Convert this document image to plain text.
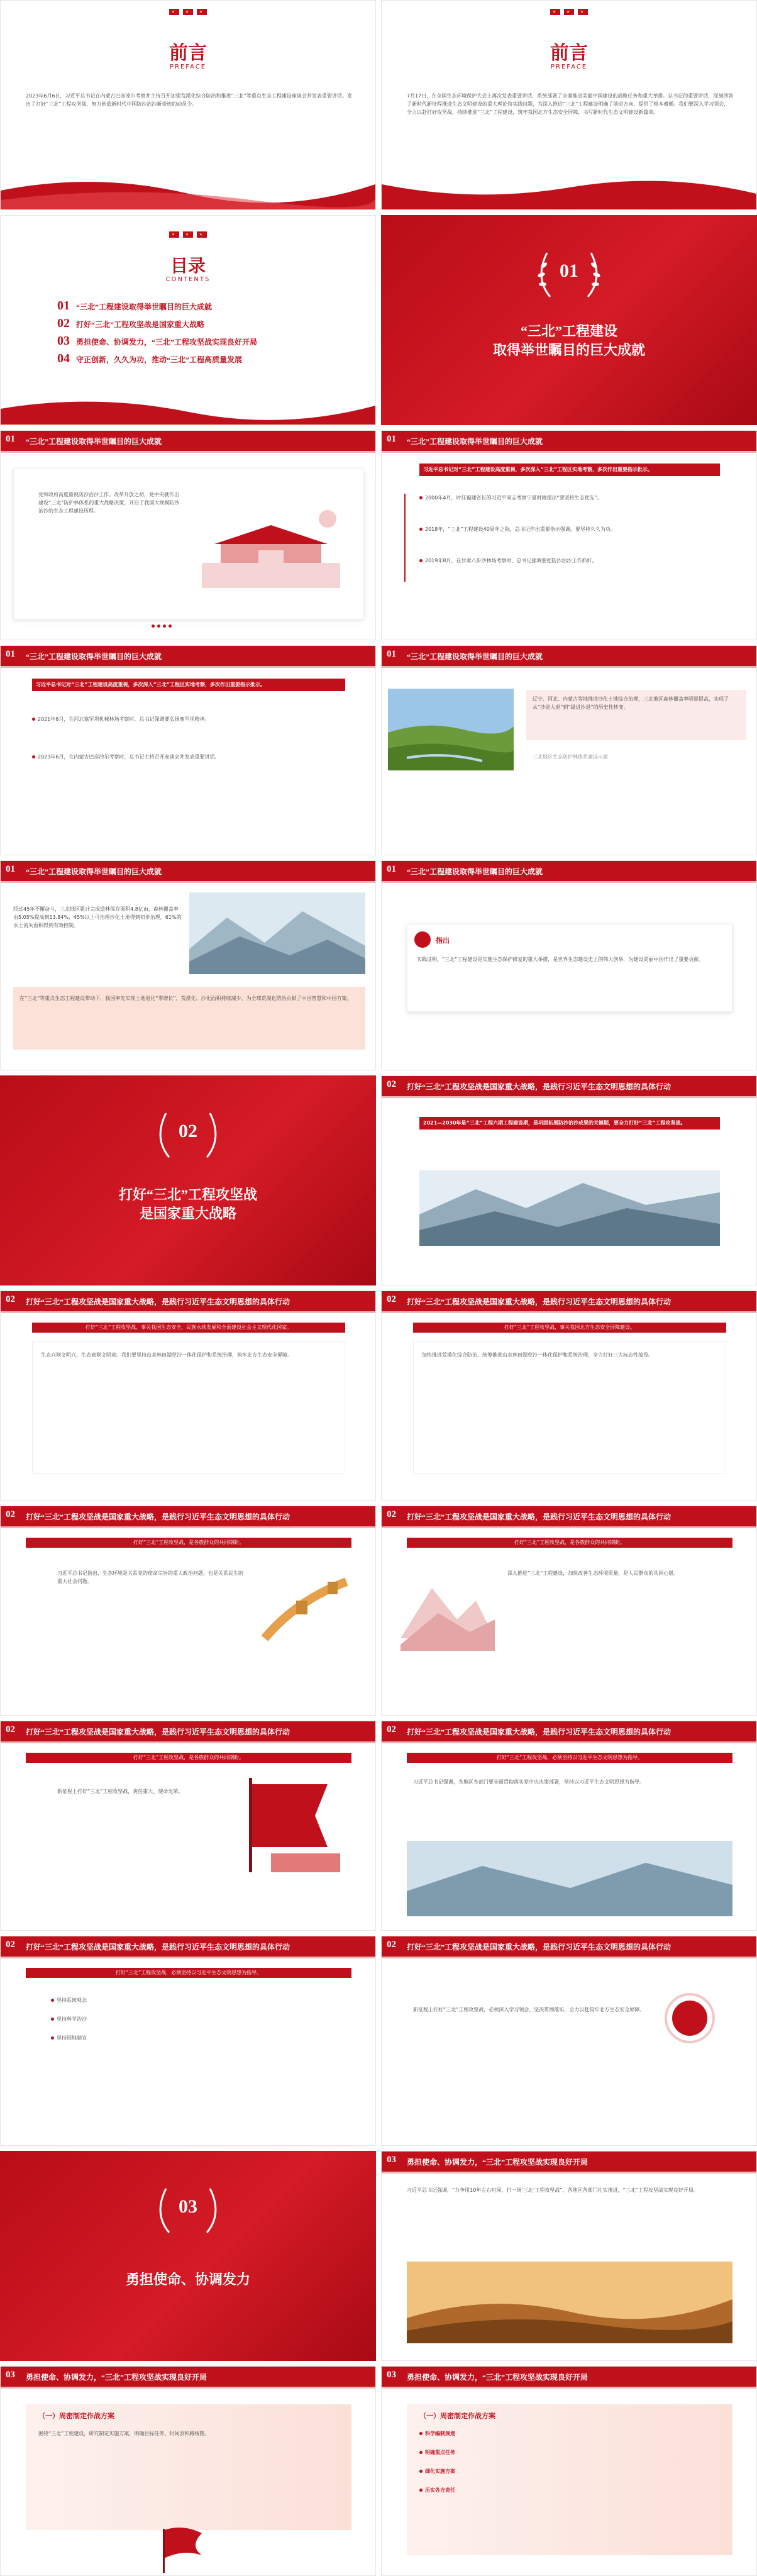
前言
PREFACE
2023年6月6日，习近平总书记在内蒙古巴彦淖尔考察并主持召开加强荒漠化综合防治和推进“三北”等重点生态工程建设座谈会并发表重要讲话。发出了打好“三北”工程攻坚战、努力创造新时代中国防沙治沙新奇迹的动员令。
前言
PREFACE
7月17日，在全国生态环境保护大会上再次发表重要讲话，系统部署了全面推进美丽中国建设的战略任务和重大举措。总书记的重要讲话，深刻回答了新时代新征程推进生态文明建设的重大理论和实践问题，为深入推进“三北”工程建设明确了前进方向、提供了根本遵循。我们要深入学习领会，全力以赴打好攻坚战，持续推进“三北”工程建设，筑牢我国北方生态安全屏障，书写新时代生态文明建设新篇章。
目录
CONTENTS
01 “三北”工程建设取得举世瞩目的巨大成就
02 打好“三北”工程攻坚战是国家重大战略
03 勇担使命、协调发力，“三北”工程攻坚战实现良好开局
04 守正创新，久久为功，推动“三北”工程高质量发展
01
“三北”工程建设
取得举世瞩目的巨大成就
01 “三北”工程建设取得举世瞩目的巨大成就
党和政府高度重视防沙治沙工作。改革开放之初，党中央就作出建设“三北”防护林体系的重大战略决策，开启了我国大规模防沙治沙的生态工程建设历程。
01 “三北”工程建设取得举世瞩目的巨大成就
习近平总书记对“三北”工程建设高度重视，多次深入“三北”工程区实地考察，多次作出重要指示批示。
2000年4月，时任福建省长的习近平同志考察宁夏时就提出“要坚持生态优先”。
2018年，“三北”工程建设40周年之际，总书记作出重要指示强调，要坚持久久为功。
2019年8月，在甘肃八步沙林场考察时，总书记强调要把防沙治沙工作抓好。
01 “三北”工程建设取得举世瞩目的巨大成就
习近平总书记对“三北”工程建设高度重视，多次深入“三北”工程区实地考察，多次作出重要指示批示。
2021年8月，在河北塞罕坝机械林场考察时，总书记强调要弘扬塞罕坝精神。
2023年6月，在内蒙古巴彦淖尔考察时，总书记主持召开座谈会并发表重要讲话。
01 “三北”工程建设取得举世瞩目的巨大成就
辽宁、河北、内蒙古等地推进沙化土地综合治理，三北地区森林覆盖率明显提高，实现了从“沙进人退”到“绿进沙退”的历史性转变。
三北地区生态防护林体系建设示意
01 “三北”工程建设取得举世瞩目的巨大成就
经过45年不懈奋斗，三北地区累计完成造林保存面积4.8亿亩，森林覆盖率由5.05%提高到13.84%，45%以上可治理沙化土地得到初步治理，61%的水土流失面积得到有效控制。
在“三北”等重点生态工程建设带动下，我国率先实现土地退化“零增长”，荒漠化、沙化面积持续减少，为全球荒漠化防治贡献了中国智慧和中国方案。
01 “三北”工程建设取得举世瞩目的巨大成就
指出
实践证明，“三北”工程建设是实施生态保护修复的重大举措，是世界生态建设史上的伟大创举，为建设美丽中国作出了重要贡献。
02
打好“三北”工程攻坚战
是国家重大战略
02 打好“三北”工程攻坚战是国家重大战略，是践行习近平生态文明思想的具体行动
2021—2030年是“三北”工程六期工程建设期，是巩固拓展防沙治沙成果的关键期，要全力打好“三北”工程攻坚战。
02 打好“三北”工程攻坚战是国家重大战略，是践行习近平生态文明思想的具体行动
打好“三北”工程攻坚战，事关我国生态安全、民族永续发展和全面建设社会主义现代化国家。
生态兴则文明兴，生态衰则文明衰。我们要坚持山水林田湖草沙一体化保护和系统治理，筑牢北方生态安全屏障。
02 打好“三北”工程攻坚战是国家重大战略，是践行习近平生态文明思想的具体行动
打好“三北”工程攻坚战，事关我国北方生态安全屏障建设。
加快推进荒漠化综合防治，统筹推进山水林田湖草沙一体化保护和系统治理，全力打好三大标志性战役。
02 打好“三北”工程攻坚战是国家重大战略，是践行习近平生态文明思想的具体行动
打好“三北”工程攻坚战，是各族群众的共同期盼。
习近平总书记指出，生态环境是关系党的使命宗旨的重大政治问题，也是关系民生的重大社会问题。
02 打好“三北”工程攻坚战是国家重大战略，是践行习近平生态文明思想的具体行动
打好“三北”工程攻坚战，是各族群众的共同期盼。
深入推进“三北”工程建设，加快改善生态环境质量，是人民群众的共同心愿。
02 打好“三北”工程攻坚战是国家重大战略，是践行习近平生态文明思想的具体行动
打好“三北”工程攻坚战，是各族群众的共同期盼。
新征程上打好“三北”工程攻坚战，责任重大、使命光荣。
02 打好“三北”工程攻坚战是国家重大战略，是践行习近平生态文明思想的具体行动
打好“三北”工程攻坚战，必须坚持以习近平生态文明思想为指导。
习近平总书记强调，各地区各部门要全面贯彻落实党中央决策部署，坚持以习近平生态文明思想为指导。
02 打好“三北”工程攻坚战是国家重大战略，是践行习近平生态文明思想的具体行动
打好“三北”工程攻坚战，必须坚持以习近平生态文明思想为指导。
坚持系统观念
坚持科学治沙
坚持因地制宜
02 打好“三北”工程攻坚战是国家重大战略，是践行习近平生态文明思想的具体行动
新征程上打好“三北”工程攻坚战，必须深入学习领会、坚决贯彻落实，全力以赴筑牢北方生态安全屏障。
03
勇担使命、协调发力
03 勇担使命、协调发力，“三北”工程攻坚战实现良好开局
习近平总书记强调，“力争用10年左右时间，打一场‘三北’工程攻坚战”，各地区各部门扎实推进，“三北”工程攻坚战实现良好开局。
03 勇担使命、协调发力，“三北”工程攻坚战实现良好开局
（一）周密制定作战方案
围绕“三北”工程建设，研究制定实施方案，明确目标任务、时间表和路线图。
03 勇担使命、协调发力，“三北”工程攻坚战实现良好开局
（一）周密制定作战方案
科学编制规划
明确重点任务
细化实施方案
压实各方责任
